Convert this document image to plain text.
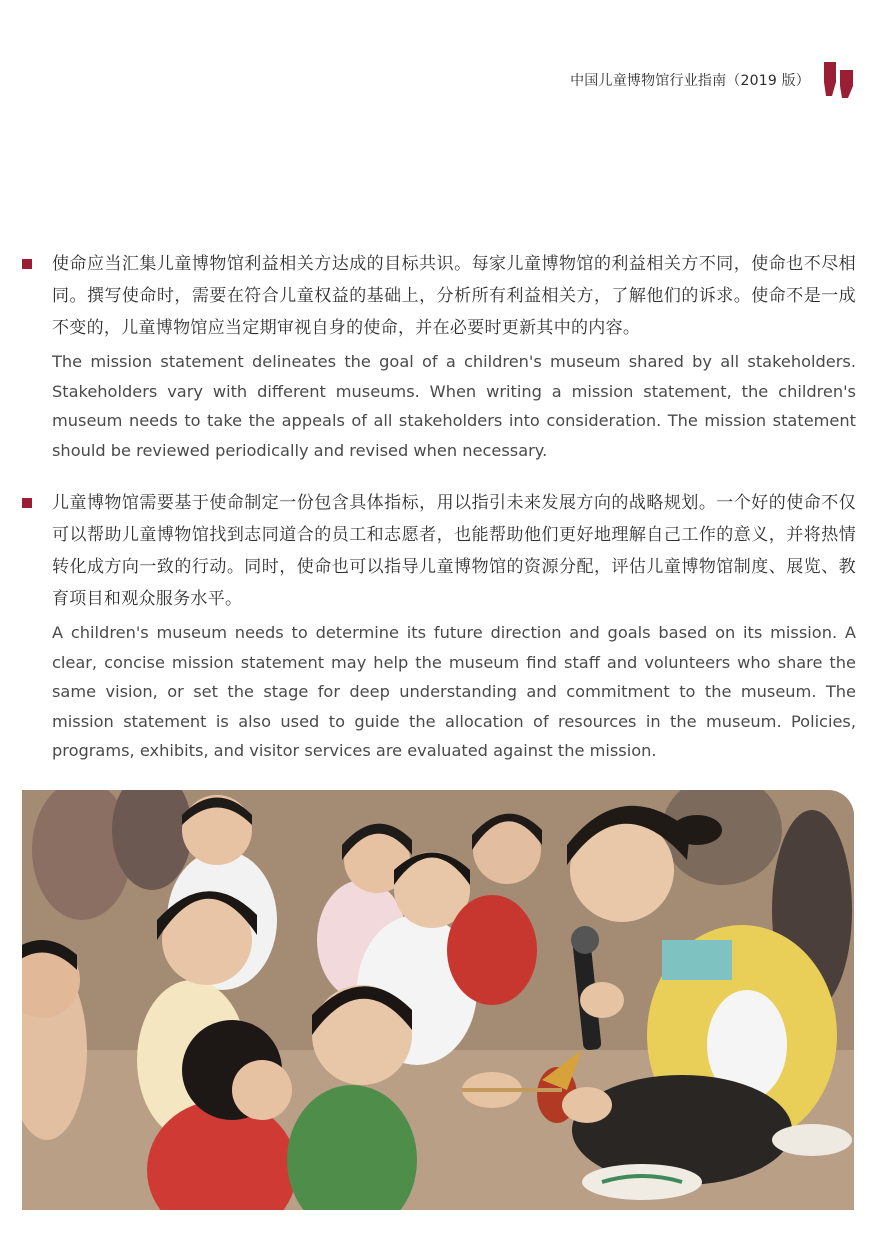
中国儿童博物馆行业指南（2019 版）

使命应当汇集儿童博物馆利益相关方达成的目标共识。每家儿童博物馆的利益相关方不同，使命也不尽相同。撰写使命时，需要在符合儿童权益的基础上，分析所有利益相关方，了解他们的诉求。使命不是一成不变的，儿童博物馆应当定期审视自身的使命，并在必要时更新其中的内容。

The mission statement delineates the goal of a children's museum shared by all stakeholders. Stakeholders vary with different museums. When writing a mission statement, the children's museum needs to take the appeals of all stakeholders into consideration. The mission statement should be reviewed periodically and revised when necessary.

儿童博物馆需要基于使命制定一份包含具体指标，用以指引未来发展方向的战略规划。一个好的使命不仅可以帮助儿童博物馆找到志同道合的员工和志愿者，也能帮助他们更好地理解自己工作的意义，并将热情转化成方向一致的行动。同时，使命也可以指导儿童博物馆的资源分配，评估儿童博物馆制度、展览、教育项目和观众服务水平。

A children's museum needs to determine its future direction and goals based on its mission. A clear, concise mission statement may help the museum find staff and volunteers who share the same vision, or set the stage for deep understanding and commitment to the museum. The mission statement is also used to guide the allocation of resources in the museum. Policies, programs, exhibits, and visitor services are evaluated against the mission.
